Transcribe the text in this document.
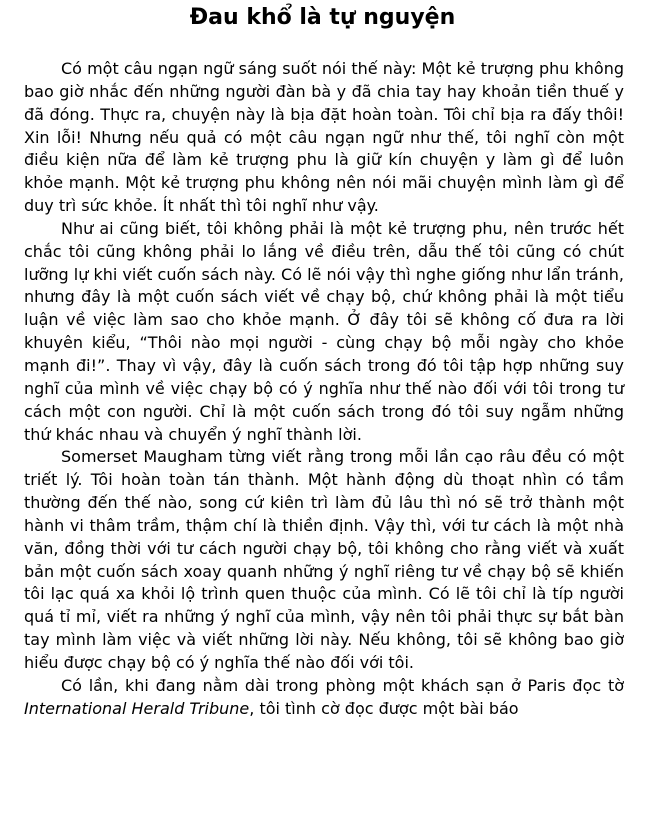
Đau khổ là tự nguyện

Có một câu ngạn ngữ sáng suốt nói thế này: Một kẻ trượng phu không bao giờ nhắc đến những người đàn bà y đã chia tay hay khoản tiền thuế y đã đóng. Thực ra, chuyện này là bịa đặt hoàn toàn. Tôi chỉ bịa ra đấy thôi! Xin lỗi! Nhưng nếu quả có một câu ngạn ngữ như thế, tôi nghĩ còn một điều kiện nữa để làm kẻ trượng phu là giữ kín chuyện y làm gì để luôn khỏe mạnh. Một kẻ trượng phu không nên nói mãi chuyện mình làm gì để duy trì sức khỏe. Ít nhất thì tôi nghĩ như vậy.

Như ai cũng biết, tôi không phải là một kẻ trượng phu, nên trước hết chắc tôi cũng không phải lo lắng về điều trên, dẫu thế tôi cũng có chút lưỡng lự khi viết cuốn sách này. Có lẽ nói vậy thì nghe giống như lẩn tránh, nhưng đây là một cuốn sách viết về chạy bộ, chứ không phải là một tiểu luận về việc làm sao cho khỏe mạnh. Ở đây tôi sẽ không cố đưa ra lời khuyên kiểu, “Thôi nào mọi người - cùng chạy bộ mỗi ngày cho khỏe mạnh đi!”. Thay vì vậy, đây là cuốn sách trong đó tôi tập hợp những suy nghĩ của mình về việc chạy bộ có ý nghĩa như thế nào đối với tôi trong tư cách một con người. Chỉ là một cuốn sách trong đó tôi suy ngẫm những thứ khác nhau và chuyển ý nghĩ thành lời.

Somerset Maugham từng viết rằng trong mỗi lần cạo râu đều có một triết lý. Tôi hoàn toàn tán thành. Một hành động dù thoạt nhìn có tầm thường đến thế nào, song cứ kiên trì làm đủ lâu thì nó sẽ trở thành một hành vi thâm trầm, thậm chí là thiền định. Vậy thì, với tư cách là một nhà văn, đồng thời với tư cách người chạy bộ, tôi không cho rằng viết và xuất bản một cuốn sách xoay quanh những ý nghĩ riêng tư về chạy bộ sẽ khiến tôi lạc quá xa khỏi lộ trình quen thuộc của mình. Có lẽ tôi chỉ là típ người quá tỉ mỉ, viết ra những ý nghĩ của mình, vậy nên tôi phải thực sự bắt bàn tay mình làm việc và viết những lời này. Nếu không, tôi sẽ không bao giờ hiểu được chạy bộ có ý nghĩa thế nào đối với tôi.

Có lần, khi đang nằm dài trong phòng một khách sạn ở Paris đọc tờ International Herald Tribune, tôi tình cờ đọc được một bài báo
